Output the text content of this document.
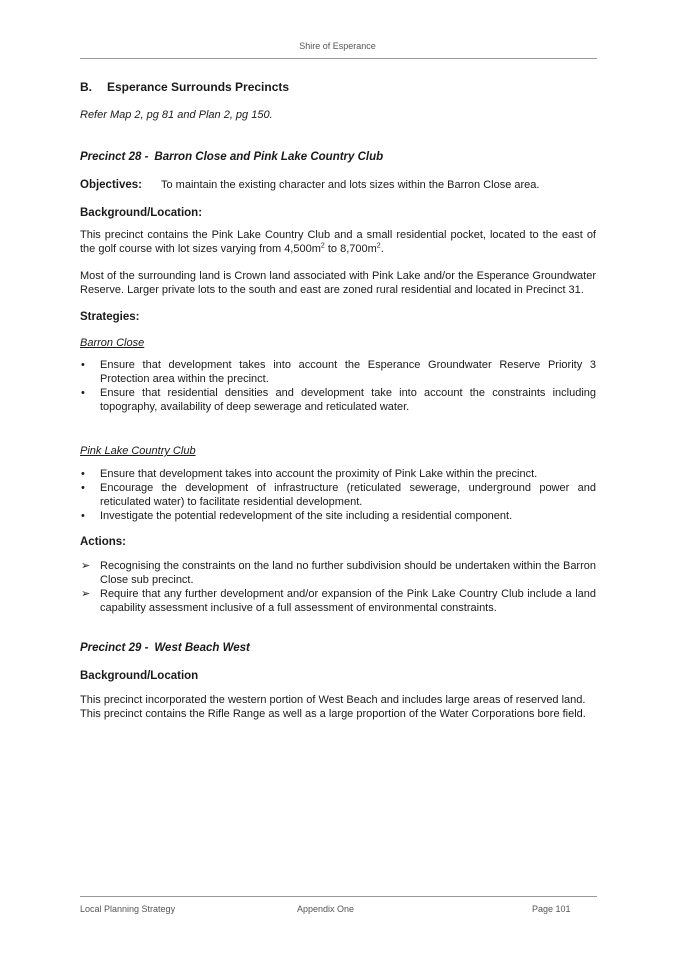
Shire of Esperance
B. Esperance Surrounds Precincts
Refer Map 2, pg 81 and Plan 2, pg 150.
Precinct 28 - Barron Close and Pink Lake Country Club
Objectives:	To maintain the existing character and lots sizes within the Barron Close area.
Background/Location:

This precinct contains the Pink Lake Country Club and a small residential pocket, located to the east of the golf course with lot sizes varying from $4,500m^2$ to $8,700m^2$.

Most of the surrounding land is Crown land associated with Pink Lake and/or the Esperance Groundwater Reserve. Larger private lots to the south and east are zoned rural residential and located in Precinct 31.

Strategies:
Barron Close
• Ensure that development takes into account the Esperance Groundwater Reserve Priority 3 Protection area within the precinct.
• Ensure that residential densities and development take into account the constraints including topography, availability of deep sewerage and reticulated water.
Pink Lake Country Club
• Ensure that development takes into account the proximity of Pink Lake within the precinct.
• Encourage the development of infrastructure (reticulated sewerage, underground power and reticulated water) to facilitate residential development.
• Investigate the potential redevelopment of the site including a residential component.
Actions:
➢ Recognising the constraints on the land no further subdivision should be undertaken within the Barron Close sub precinct.
➢ Require that any further development and/or expansion of the Pink Lake Country Club include a land capability assessment inclusive of a full assessment of environmental constraints.
Precinct 29 - West Beach West
Background/Location

This precinct incorporated the western portion of West Beach and includes large areas of reserved land. This precinct contains the Rifle Range as well as a large proportion of the Water Corporations bore field.

Local Planning Strategy	Appendix One	Page 101
